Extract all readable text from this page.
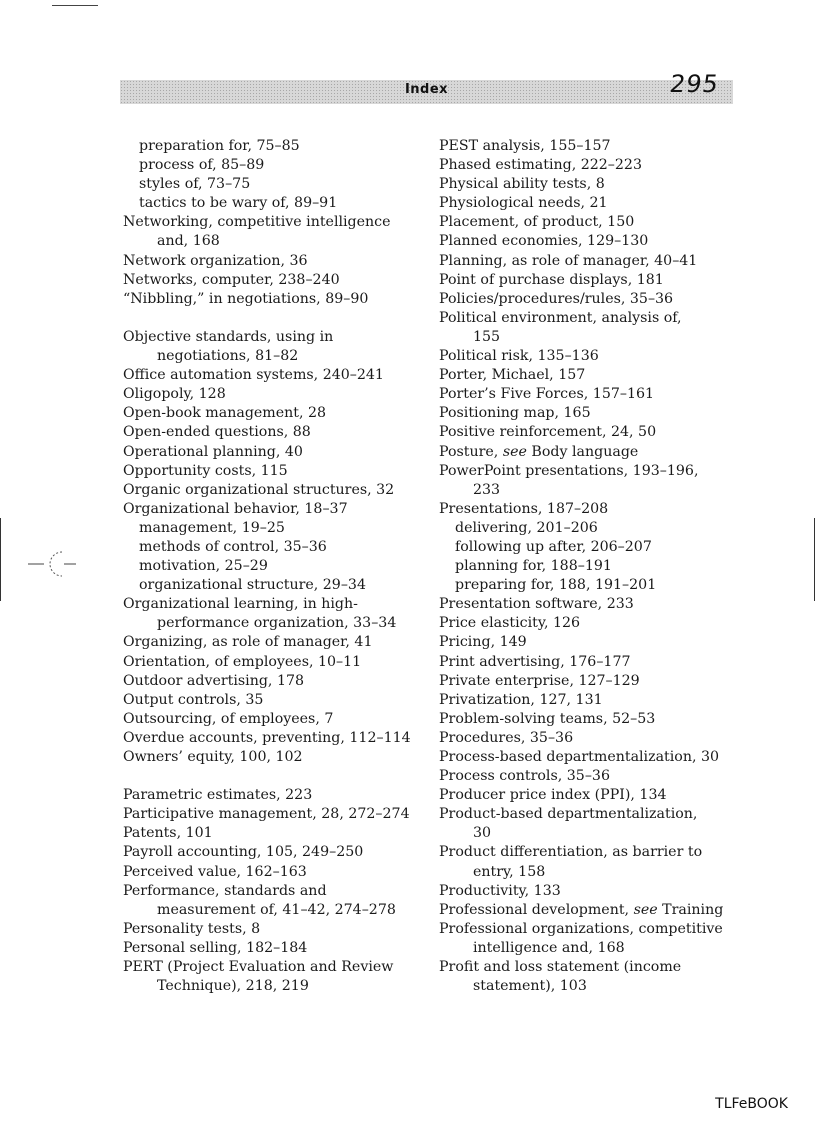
Index	295
preparation for, 75–85
process of, 85–89
styles of, 73–75
tactics to be wary of, 89–91
Networking, competitive intelligence
and, 168
Network organization, 36
Networks, computer, 238–240
“Nibbling,” in negotiations, 89–90
Objective standards, using in
negotiations, 81–82
Office automation systems, 240–241
Oligopoly, 128
Open-book management, 28
Open-ended questions, 88
Operational planning, 40
Opportunity costs, 115
Organic organizational structures, 32
Organizational behavior, 18–37
management, 19–25
methods of control, 35–36
motivation, 25–29
organizational structure, 29–34
Organizational learning, in high-
performance organization, 33–34
Organizing, as role of manager, 41
Orientation, of employees, 10–11
Outdoor advertising, 178
Output controls, 35
Outsourcing, of employees, 7
Overdue accounts, preventing, 112–114
Owners’ equity, 100, 102
Parametric estimates, 223
Participative management, 28, 272–274
Patents, 101
Payroll accounting, 105, 249–250
Perceived value, 162–163
Performance, standards and
measurement of, 41–42, 274–278
Personality tests, 8
Personal selling, 182–184
PERT (Project Evaluation and Review
Technique), 218, 219
PEST analysis, 155–157
Phased estimating, 222–223
Physical ability tests, 8
Physiological needs, 21
Placement, of product, 150
Planned economies, 129–130
Planning, as role of manager, 40–41
Point of purchase displays, 181
Policies/procedures/rules, 35–36
Political environment, analysis of,
155
Political risk, 135–136
Porter, Michael, 157
Porter’s Five Forces, 157–161
Positioning map, 165
Positive reinforcement, 24, 50
Posture, see Body language
PowerPoint presentations, 193–196,
233
Presentations, 187–208
delivering, 201–206
following up after, 206–207
planning for, 188–191
preparing for, 188, 191–201
Presentation software, 233
Price elasticity, 126
Pricing, 149
Print advertising, 176–177
Private enterprise, 127–129
Privatization, 127, 131
Problem-solving teams, 52–53
Procedures, 35–36
Process-based departmentalization, 30
Process controls, 35–36
Producer price index (PPI), 134
Product-based departmentalization,
30
Product differentiation, as barrier to
entry, 158
Productivity, 133
Professional development, see Training
Professional organizations, competitive
intelligence and, 168
Profit and loss statement (income
statement), 103
TLFeBOOK
